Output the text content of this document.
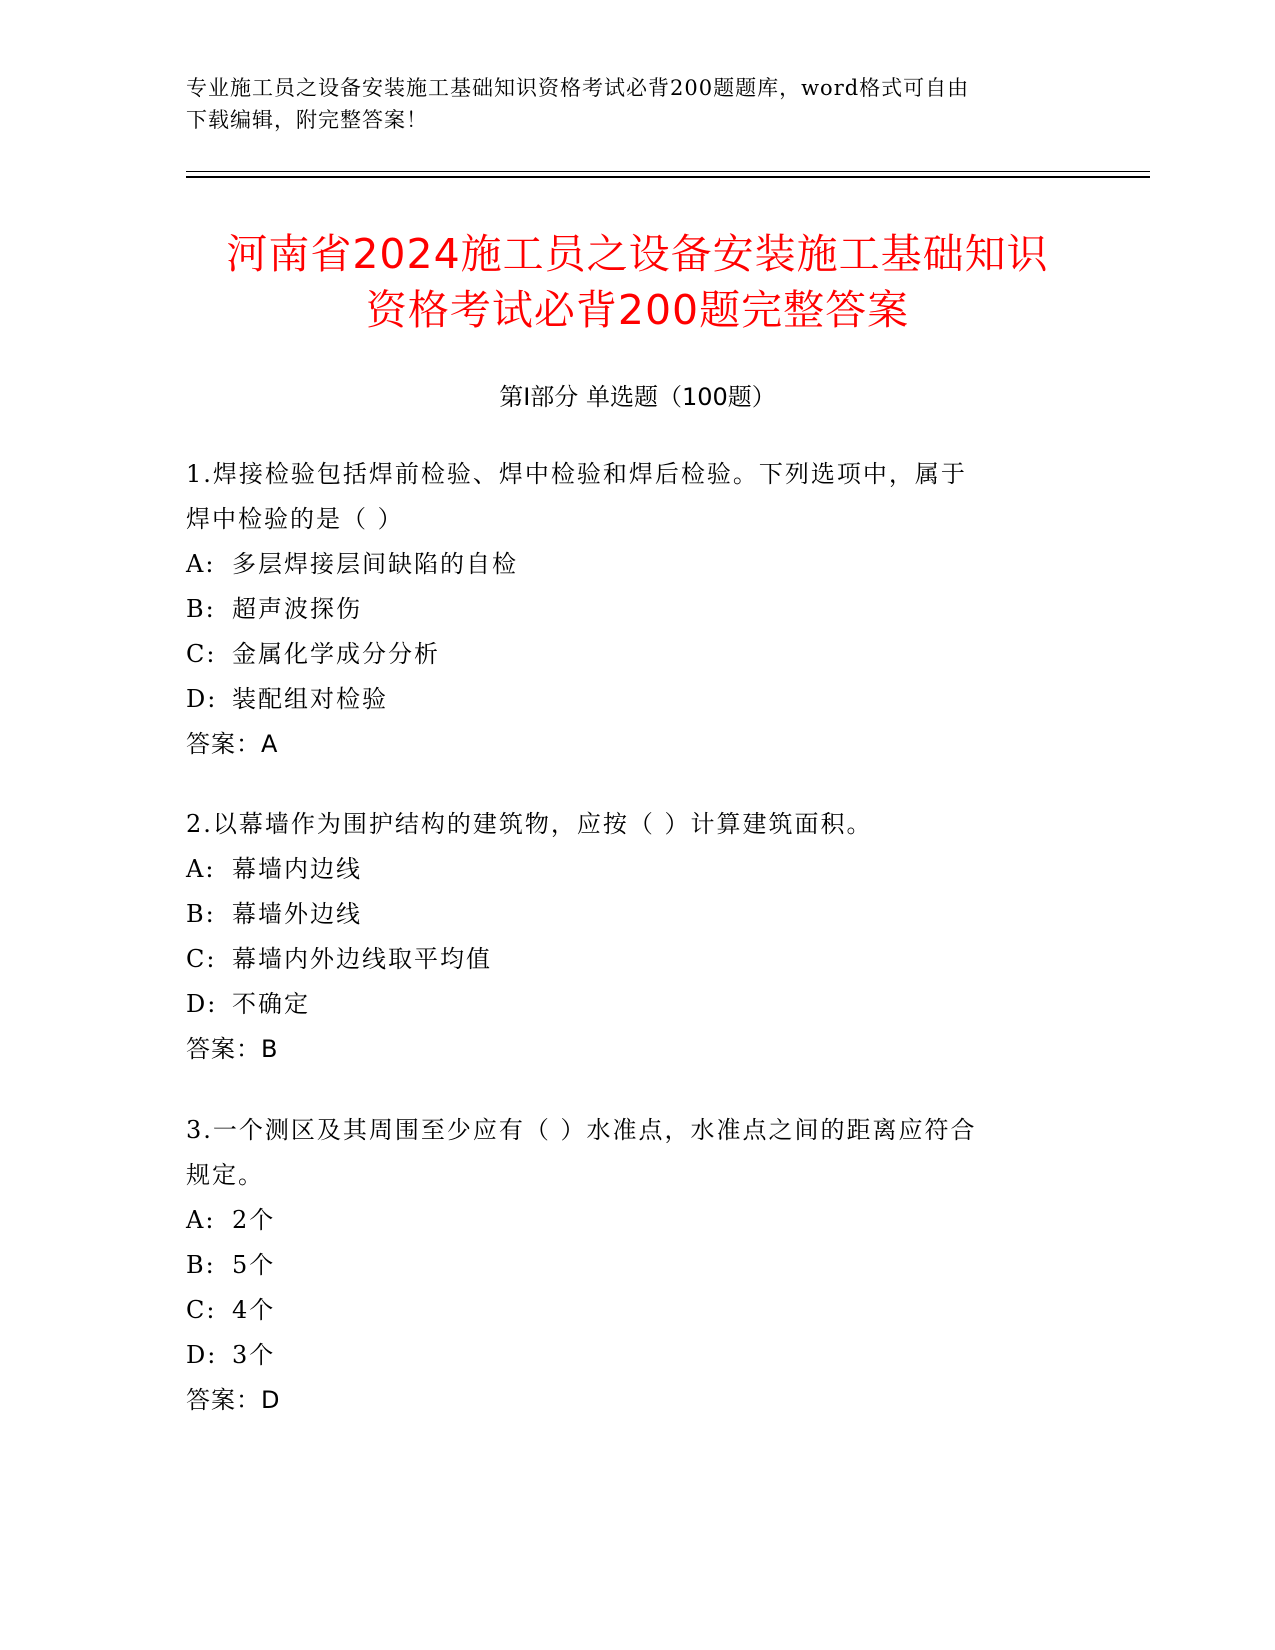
专业施工员之设备安装施工基础知识资格考试必背200题题库，word格式可自由
下载编辑，附完整答案！
河南省2024施工员之设备安装施工基础知识
资格考试必背200题完整答案
第Ⅰ部分 单选题（100题）
1.焊接检验包括焊前检验、焊中检验和焊后检验。下列选项中，属于
焊中检验的是（ ）
A: 多层焊接层间缺陷的自检
B: 超声波探伤
C: 金属化学成分分析
D: 装配组对检验
答案：A
2.以幕墙作为围护结构的建筑物，应按（ ）计算建筑面积。
A: 幕墙内边线
B: 幕墙外边线
C: 幕墙内外边线取平均值
D: 不确定
答案：B
3.一个测区及其周围至少应有（ ）水准点，水准点之间的距离应符合
规定。
A: 2个
B: 5个
C: 4个
D: 3个
答案：D
